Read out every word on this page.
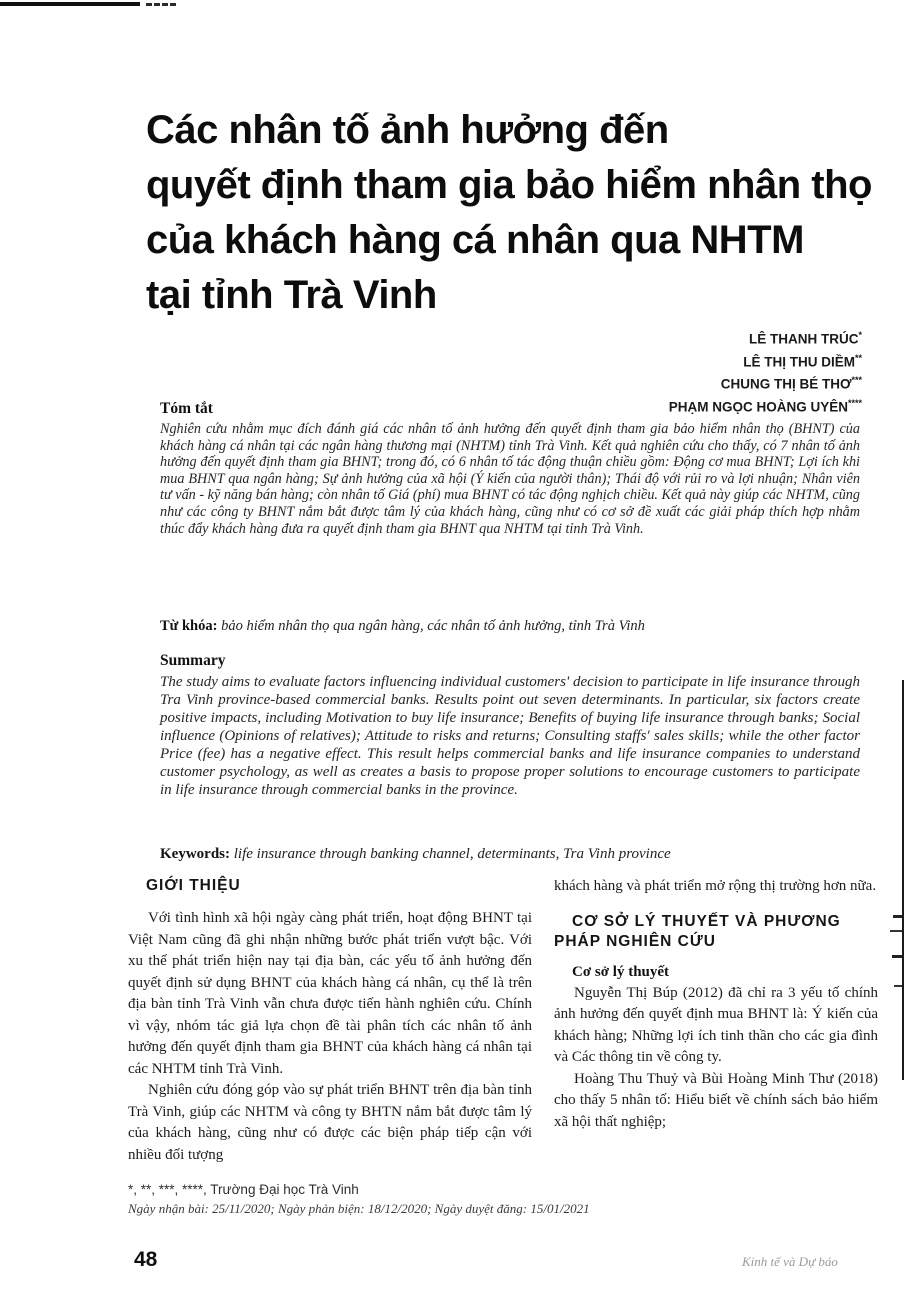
Các nhân tố ảnh hưởng đến
quyết định tham gia bảo hiểm nhân thọ
của khách hàng cá nhân qua NHTM
tại tỉnh Trà Vinh
LÊ THANH TRÚC*
LÊ THỊ THU DIỀM**
CHUNG THỊ BÉ THƠ***
PHẠM NGỌC HOÀNG UYÊN****
Tóm tắt
Nghiên cứu nhằm mục đích đánh giá các nhân tố ảnh hưởng đến quyết định tham gia bảo hiểm nhân thọ (BHNT) của khách hàng cá nhân tại các ngân hàng thương mại (NHTM) tỉnh Trà Vinh. Kết quả nghiên cứu cho thấy, có 7 nhân tố ảnh hưởng đến quyết định tham gia BHNT; trong đó, có 6 nhân tố tác động thuận chiều gồm: Động cơ mua BHNT; Lợi ích khi mua BHNT qua ngân hàng; Sự ảnh hưởng của xã hội (Ý kiến của người thân); Thái độ với rủi ro và lợi nhuận; Nhân viên tư vấn - kỹ năng bán hàng; còn nhân tố Giá (phí) mua BHNT có tác động nghịch chiều. Kết quả này giúp các NHTM, cũng như các công ty BHNT nắm bắt được tâm lý của khách hàng, cũng như có cơ sở đề xuất các giải pháp thích hợp nhằm thúc đẩy khách hàng đưa ra quyết định tham gia BHNT qua NHTM tại tỉnh Trà Vinh.
Từ khóa: bảo hiểm nhân thọ qua ngân hàng, các nhân tố ảnh hưởng, tỉnh Trà Vinh
Summary
The study aims to evaluate factors influencing individual customers' decision to participate in life insurance through Tra Vinh province-based commercial banks. Results point out seven determinants. In particular, six factors create positive impacts, including Motivation to buy life insurance; Benefits of buying life insurance through banks; Social influence (Opinions of relatives); Attitude to risks and returns; Consulting staffs' sales skills; while the other factor Price (fee) has a negative effect. This result helps commercial banks and life insurance companies to understand customer psychology, as well as creates a basis to propose proper solutions to encourage customers to participate in life insurance through commercial banks in the province.
Keywords: life insurance through banking channel, determinants, Tra Vinh province
GIỚI THIỆU

Với tình hình xã hội ngày càng phát triển, hoạt động BHNT tại Việt Nam cũng đã ghi nhận những bước phát triển vượt bậc. Với xu thế phát triển hiện nay tại địa bàn, các yếu tố ảnh hưởng đến quyết định sử dụng BHNT của khách hàng cá nhân, cụ thể là trên địa bàn tỉnh Trà Vinh vẫn chưa được tiến hành nghiên cứu. Chính vì vậy, nhóm tác giả lựa chọn đề tài phân tích các nhân tố ảnh hưởng đến quyết định tham gia BHNT của khách hàng cá nhân tại các NHTM tỉnh Trà Vinh.

Nghiên cứu đóng góp vào sự phát triển BHNT trên địa bàn tỉnh Trà Vinh, giúp các NHTM và công ty BHTN nắm bắt được tâm lý của khách hàng, cũng như có được các biện pháp tiếp cận với nhiều đối tượng

khách hàng và phát triển mở rộng thị trường hơn nữa.

CƠ SỞ LÝ THUYẾT VÀ PHƯƠNG PHÁP NGHIÊN CỨU
Cơ sở lý thuyết

Nguyễn Thị Búp (2012) đã chỉ ra 3 yếu tố chính ảnh hưởng đến quyết định mua BHNT là: Ý kiến của khách hàng; Những lợi ích tinh thần cho các gia đình và Các thông tin về công ty.

Hoàng Thu Thuỷ và Bùi Hoàng Minh Thư (2018) cho thấy 5 nhân tố: Hiểu biết về chính sách bảo hiểm xã hội thất nghiệp;

*, **, ***, ****, Trường Đại học Trà Vinh
Ngày nhận bài: 25/11/2020; Ngày phản biện: 18/12/2020; Ngày duyệt đăng: 15/01/2021
48	Kinh tế và Dự báo
